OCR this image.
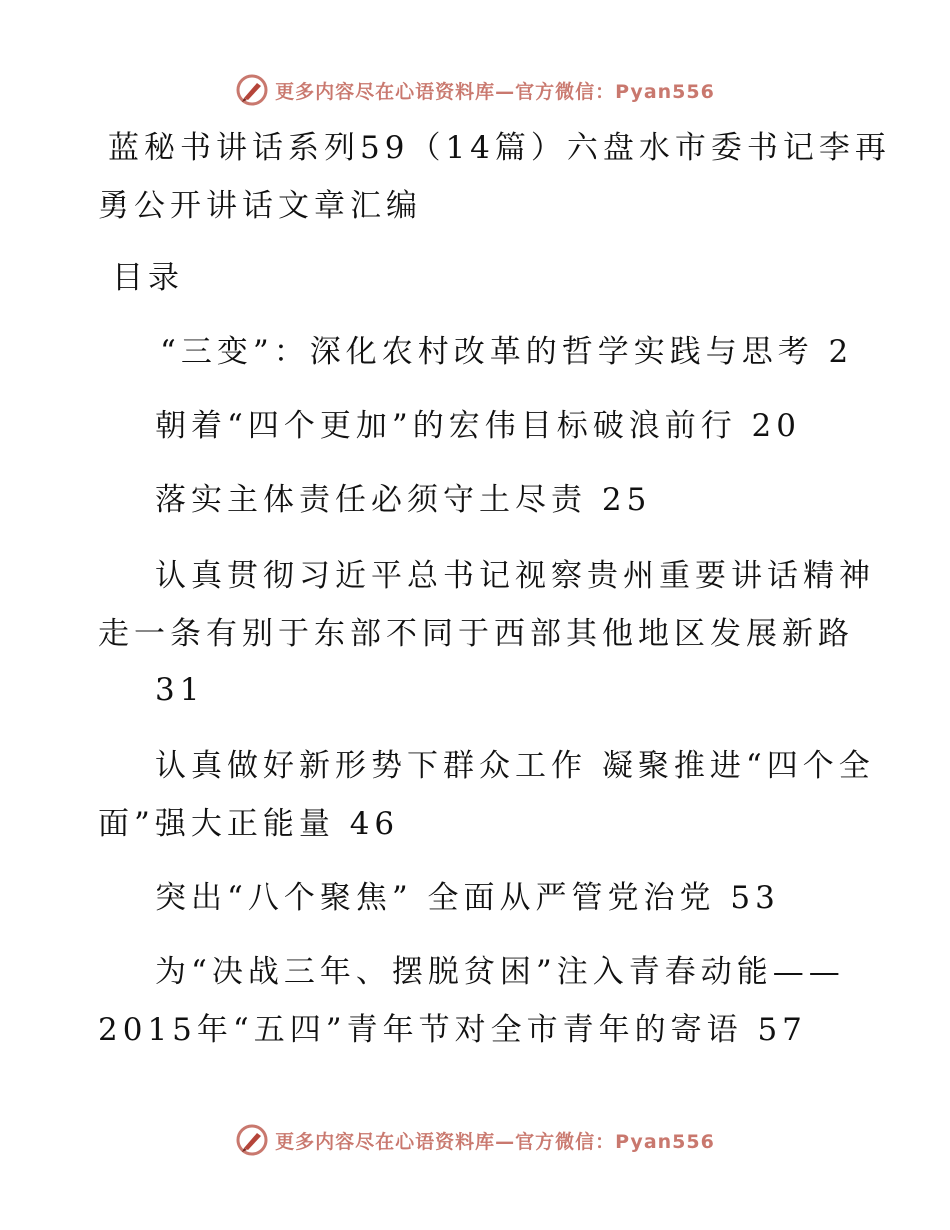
更多内容尽在心语资料库—官方微信：Pyan556
蓝秘书讲话系列59（14篇）六盘水市委书记李再
勇公开讲话文章汇编
目录
“三变”：深化农村改革的哲学实践与思考 2
朝着“四个更加”的宏伟目标破浪前行 20
落实主体责任必须守土尽责 25
认真贯彻习近平总书记视察贵州重要讲话精神
走一条有别于东部不同于西部其他地区发展新路
31
认真做好新形势下群众工作 凝聚推进“四个全
面”强大正能量 46
突出“八个聚焦” 全面从严管党治党 53
为“决战三年、摆脱贫困”注入青春动能——
2015年“五四”青年节对全市青年的寄语 57
更多内容尽在心语资料库—官方微信：Pyan556
